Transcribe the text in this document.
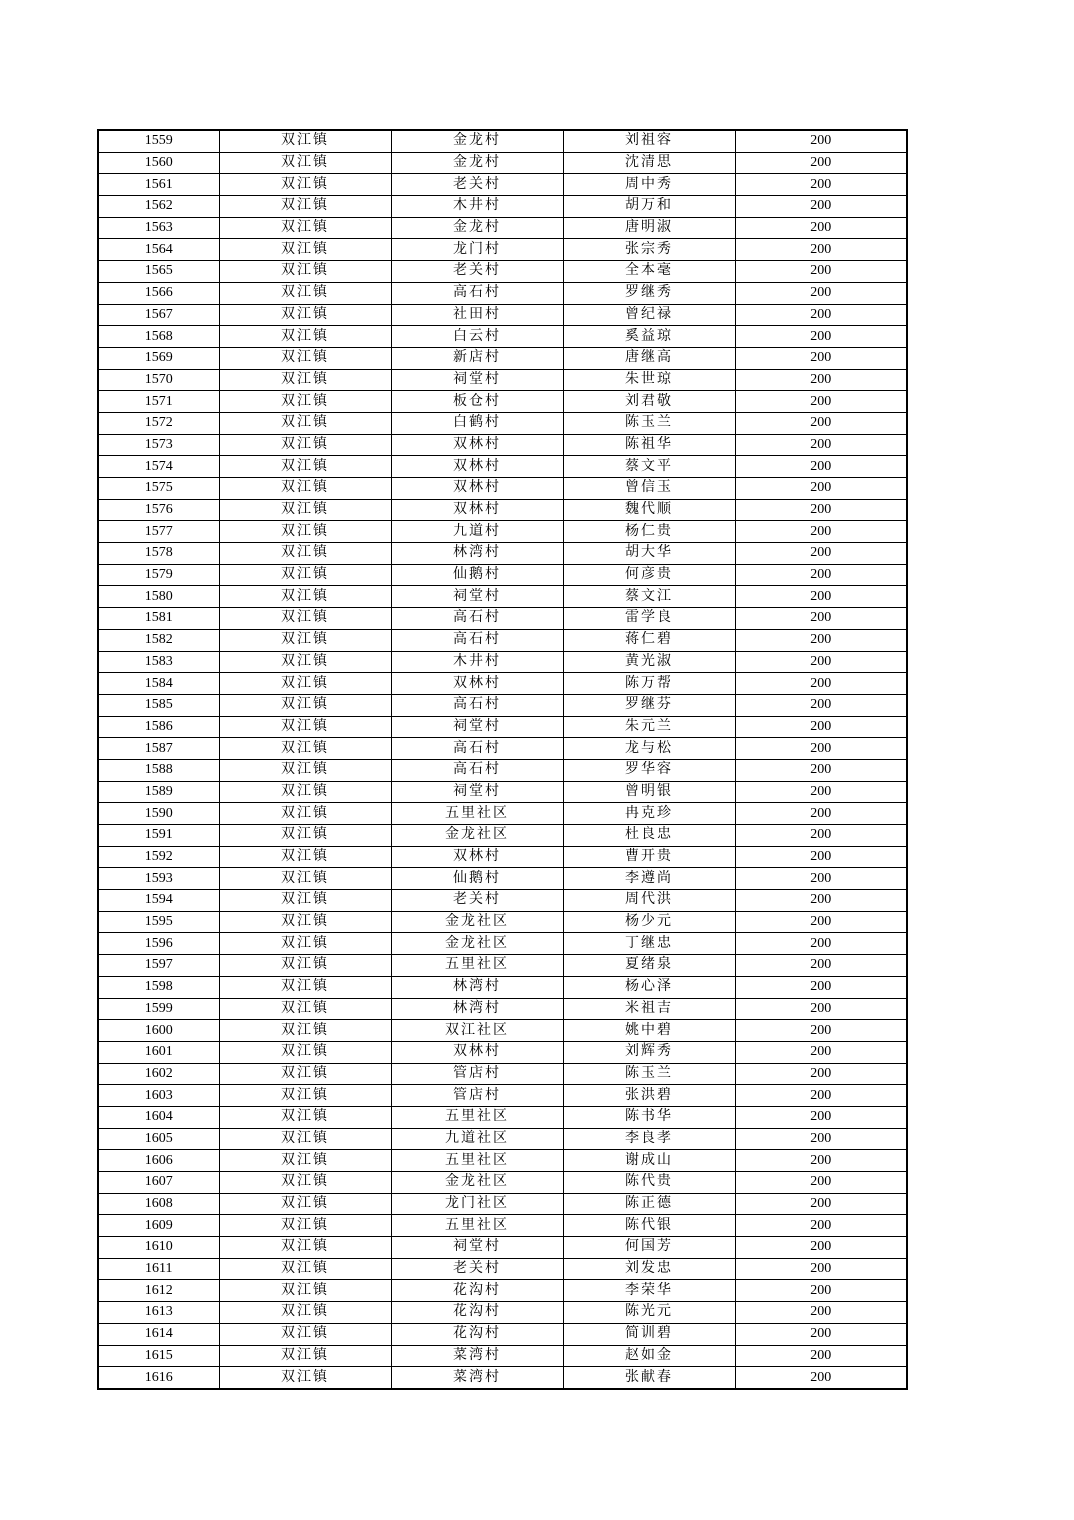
1559	双江镇	金龙村	刘祖容	200
1560	双江镇	金龙村	沈清思	200
1561	双江镇	老关村	周中秀	200
1562	双江镇	木井村	胡万和	200
1563	双江镇	金龙村	唐明淑	200
1564	双江镇	龙门村	张宗秀	200
1565	双江镇	老关村	全本毫	200
1566	双江镇	高石村	罗继秀	200
1567	双江镇	社田村	曾纪禄	200
1568	双江镇	白云村	奚益琼	200
1569	双江镇	新店村	唐继高	200
1570	双江镇	祠堂村	朱世琼	200
1571	双江镇	板仓村	刘君敬	200
1572	双江镇	白鹤村	陈玉兰	200
1573	双江镇	双林村	陈祖华	200
1574	双江镇	双林村	蔡文平	200
1575	双江镇	双林村	曾信玉	200
1576	双江镇	双林村	魏代顺	200
1577	双江镇	九道村	杨仁贵	200
1578	双江镇	林湾村	胡大华	200
1579	双江镇	仙鹅村	何彦贵	200
1580	双江镇	祠堂村	蔡文江	200
1581	双江镇	高石村	雷学良	200
1582	双江镇	高石村	蒋仁碧	200
1583	双江镇	木井村	黄光淑	200
1584	双江镇	双林村	陈万帮	200
1585	双江镇	高石村	罗继芬	200
1586	双江镇	祠堂村	朱元兰	200
1587	双江镇	高石村	龙与松	200
1588	双江镇	高石村	罗华容	200
1589	双江镇	祠堂村	曾明银	200
1590	双江镇	五里社区	冉克珍	200
1591	双江镇	金龙社区	杜良忠	200
1592	双江镇	双林村	曹开贵	200
1593	双江镇	仙鹅村	李遵尚	200
1594	双江镇	老关村	周代洪	200
1595	双江镇	金龙社区	杨少元	200
1596	双江镇	金龙社区	丁继忠	200
1597	双江镇	五里社区	夏绪泉	200
1598	双江镇	林湾村	杨心泽	200
1599	双江镇	林湾村	米祖吉	200
1600	双江镇	双江社区	姚中碧	200
1601	双江镇	双林村	刘辉秀	200
1602	双江镇	管店村	陈玉兰	200
1603	双江镇	管店村	张洪碧	200
1604	双江镇	五里社区	陈书华	200
1605	双江镇	九道社区	李良孝	200
1606	双江镇	五里社区	谢成山	200
1607	双江镇	金龙社区	陈代贵	200
1608	双江镇	龙门社区	陈正德	200
1609	双江镇	五里社区	陈代银	200
1610	双江镇	祠堂村	何国芳	200
1611	双江镇	老关村	刘发忠	200
1612	双江镇	花沟村	李荣华	200
1613	双江镇	花沟村	陈光元	200
1614	双江镇	花沟村	简训碧	200
1615	双江镇	菜湾村	赵如金	200
1616	双江镇	菜湾村	张献春	200
